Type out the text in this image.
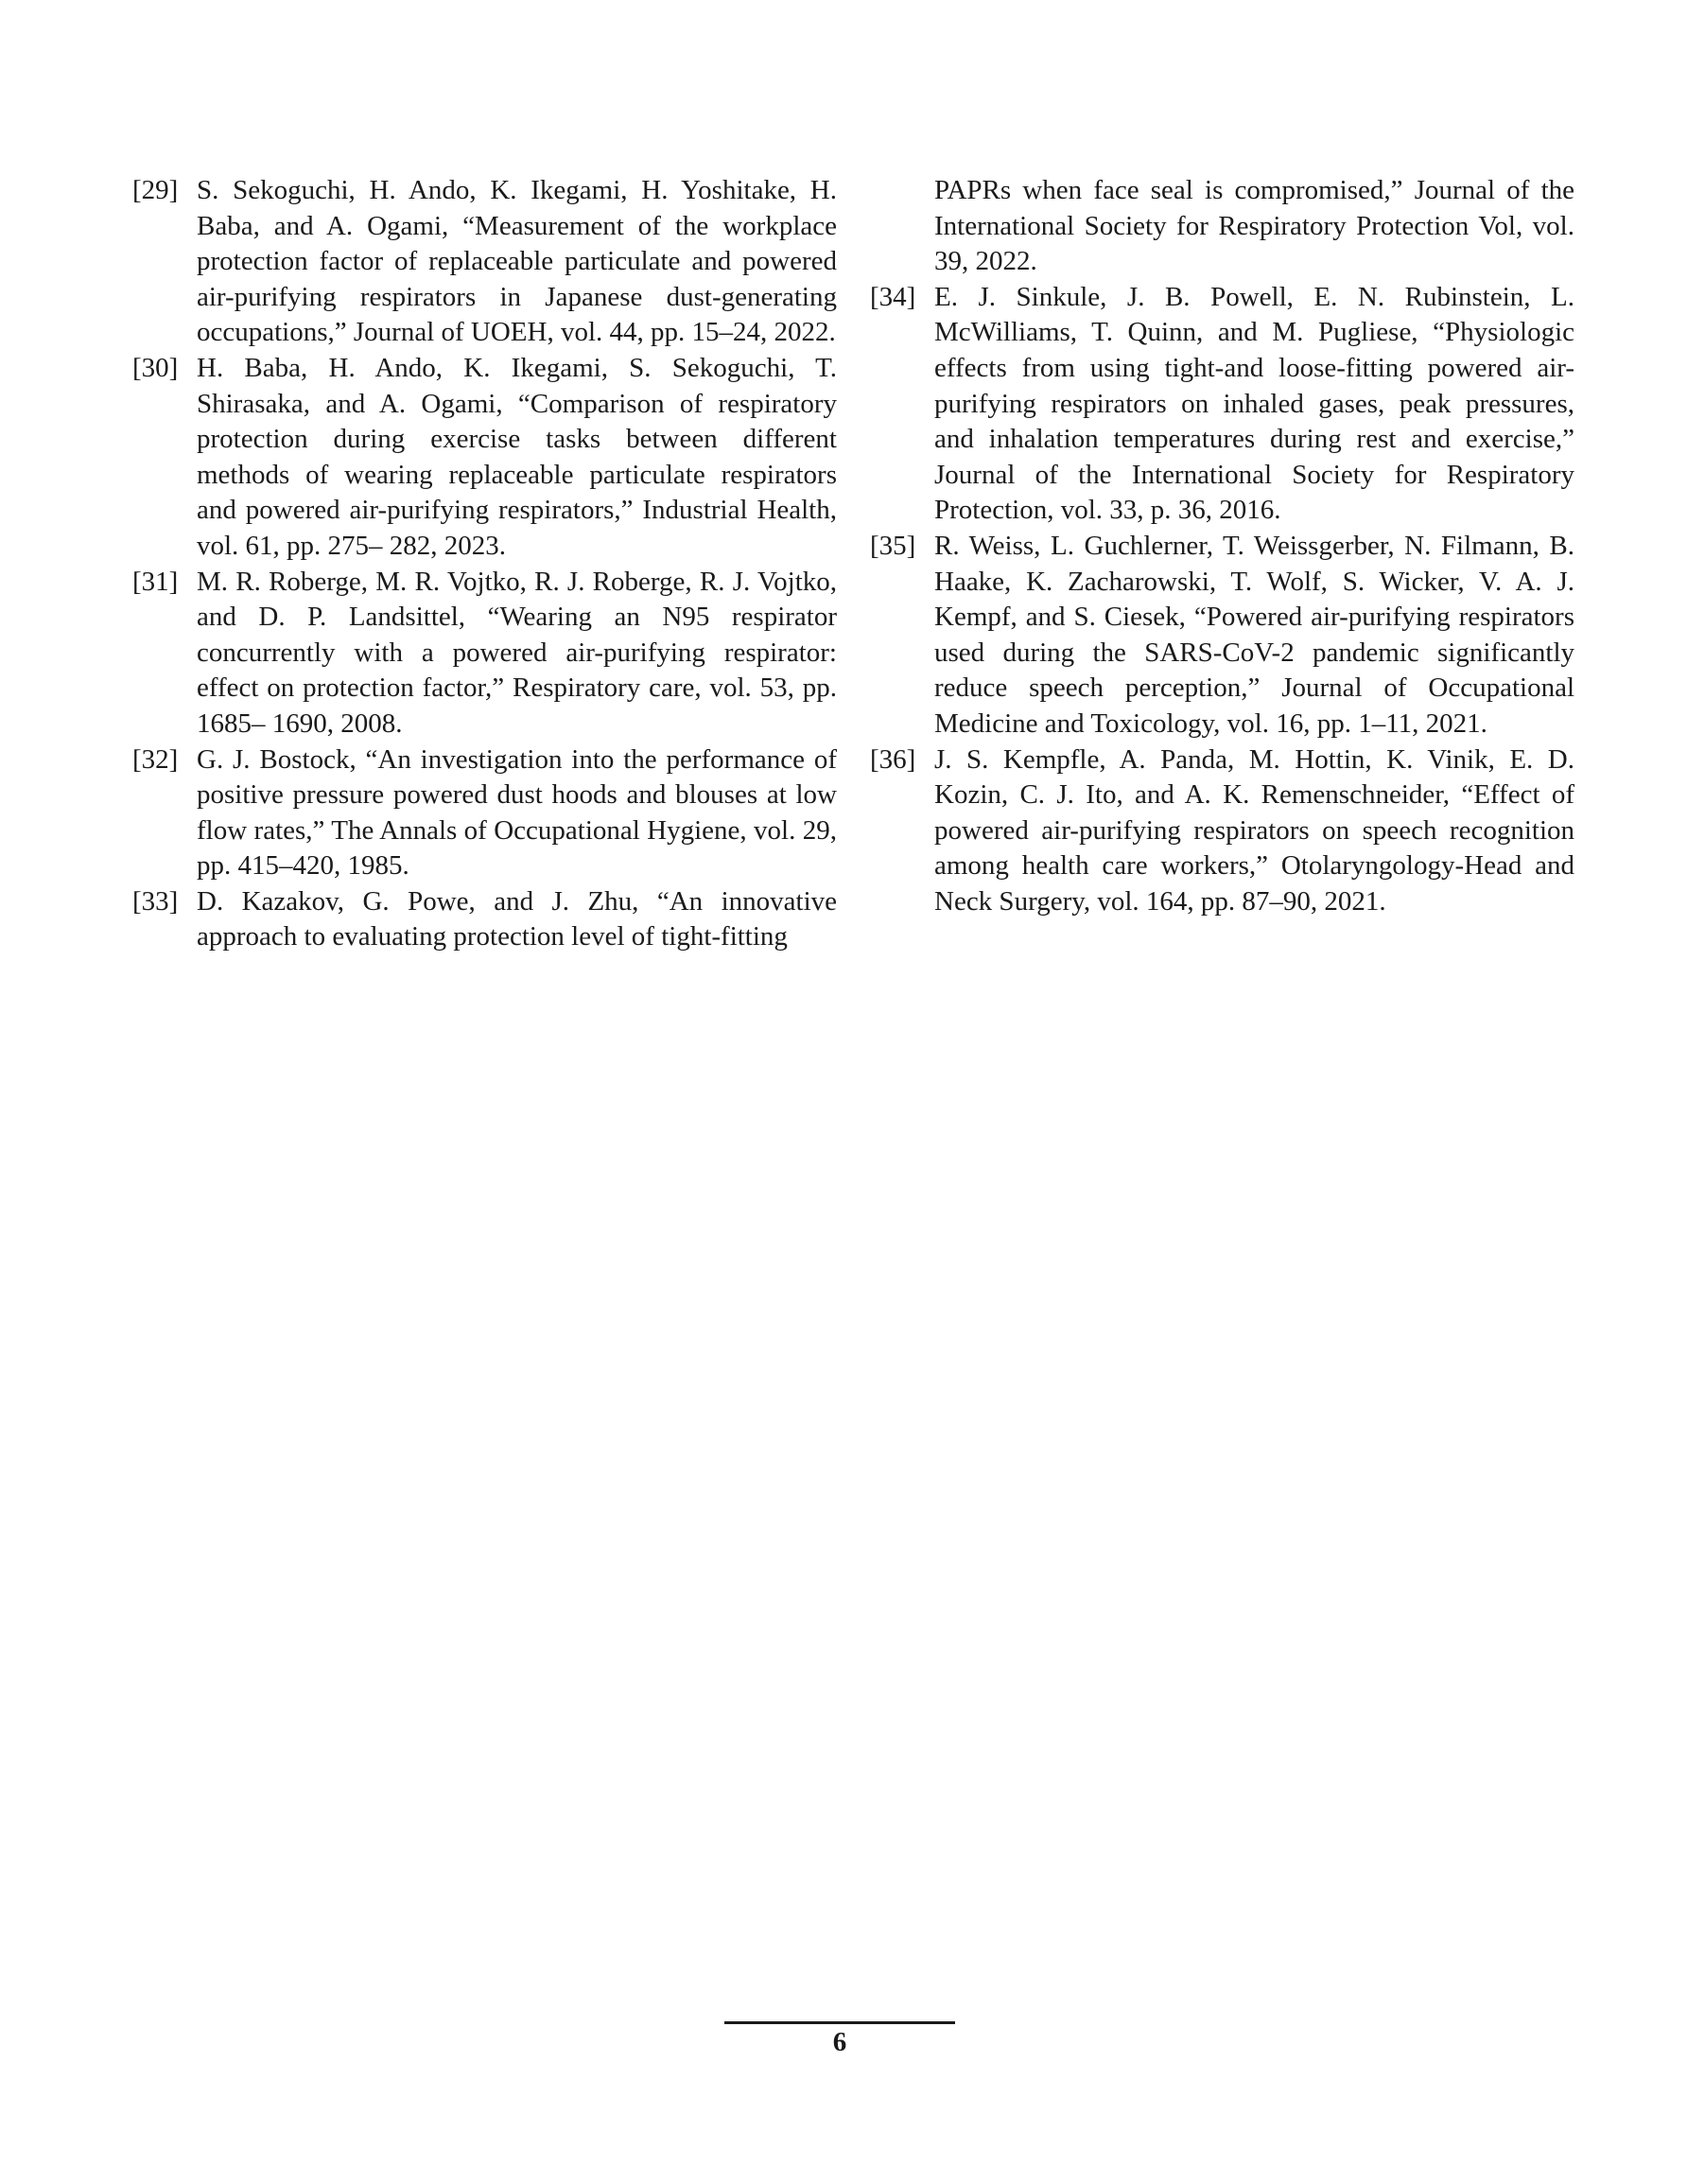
[29] S. Sekoguchi, H. Ando, K. Ikegami, H. Yoshitake, H. Baba, and A. Ogami, “Measurement of the workplace protection factor of replaceable particulate and powered air-purifying respirators in Japanese dust-generating occupations,” Journal of UOEH, vol. 44, pp. 15–24, 2022.
[30] H. Baba, H. Ando, K. Ikegami, S. Sekoguchi, T. Shirasaka, and A. Ogami, “Comparison of respiratory protection during exercise tasks between different methods of wearing replaceable particulate respirators and powered air-purifying respirators,” Industrial Health, vol. 61, pp. 275– 282, 2023.
[31] M. R. Roberge, M. R. Vojtko, R. J. Roberge, R. J. Vojtko, and D. P. Landsittel, “Wearing an N95 respirator concurrently with a powered air-purifying respirator: effect on protection factor,” Respiratory care, vol. 53, pp. 1685– 1690, 2008.
[32] G. J. Bostock, “An investigation into the performance of positive pressure powered dust hoods and blouses at low flow rates,” The Annals of Occupational Hygiene, vol. 29, pp. 415–420, 1985.
[33] D. Kazakov, G. Powe, and J. Zhu, “An innovative approach to evaluating protection level of tight-fitting
PAPRs when face seal is compromised,” Journal of the International Society for Respiratory Protection Vol, vol. 39, 2022.
[34] E. J. Sinkule, J. B. Powell, E. N. Rubinstein, L. McWilliams, T. Quinn, and M. Pugliese, “Physiologic effects from using tight-and loose-fitting powered air-purifying respirators on inhaled gases, peak pressures, and inhalation temperatures during rest and exercise,” Journal of the International Society for Respiratory Protection, vol. 33, p. 36, 2016.
[35] R. Weiss, L. Guchlerner, T. Weissgerber, N. Filmann, B. Haake, K. Zacharowski, T. Wolf, S. Wicker, V. A. J. Kempf, and S. Ciesek, “Powered air-purifying respirators used during the SARS-CoV-2 pandemic significantly reduce speech perception,” Journal of Occupational Medicine and Toxicology, vol. 16, pp. 1–11, 2021.
[36] J. S. Kempfle, A. Panda, M. Hottin, K. Vinik, E. D. Kozin, C. J. Ito, and A. K. Remenschneider, “Effect of powered air-purifying respirators on speech recognition among health care workers,” Otolaryngology-Head and Neck Surgery, vol. 164, pp. 87–90, 2021.
6
